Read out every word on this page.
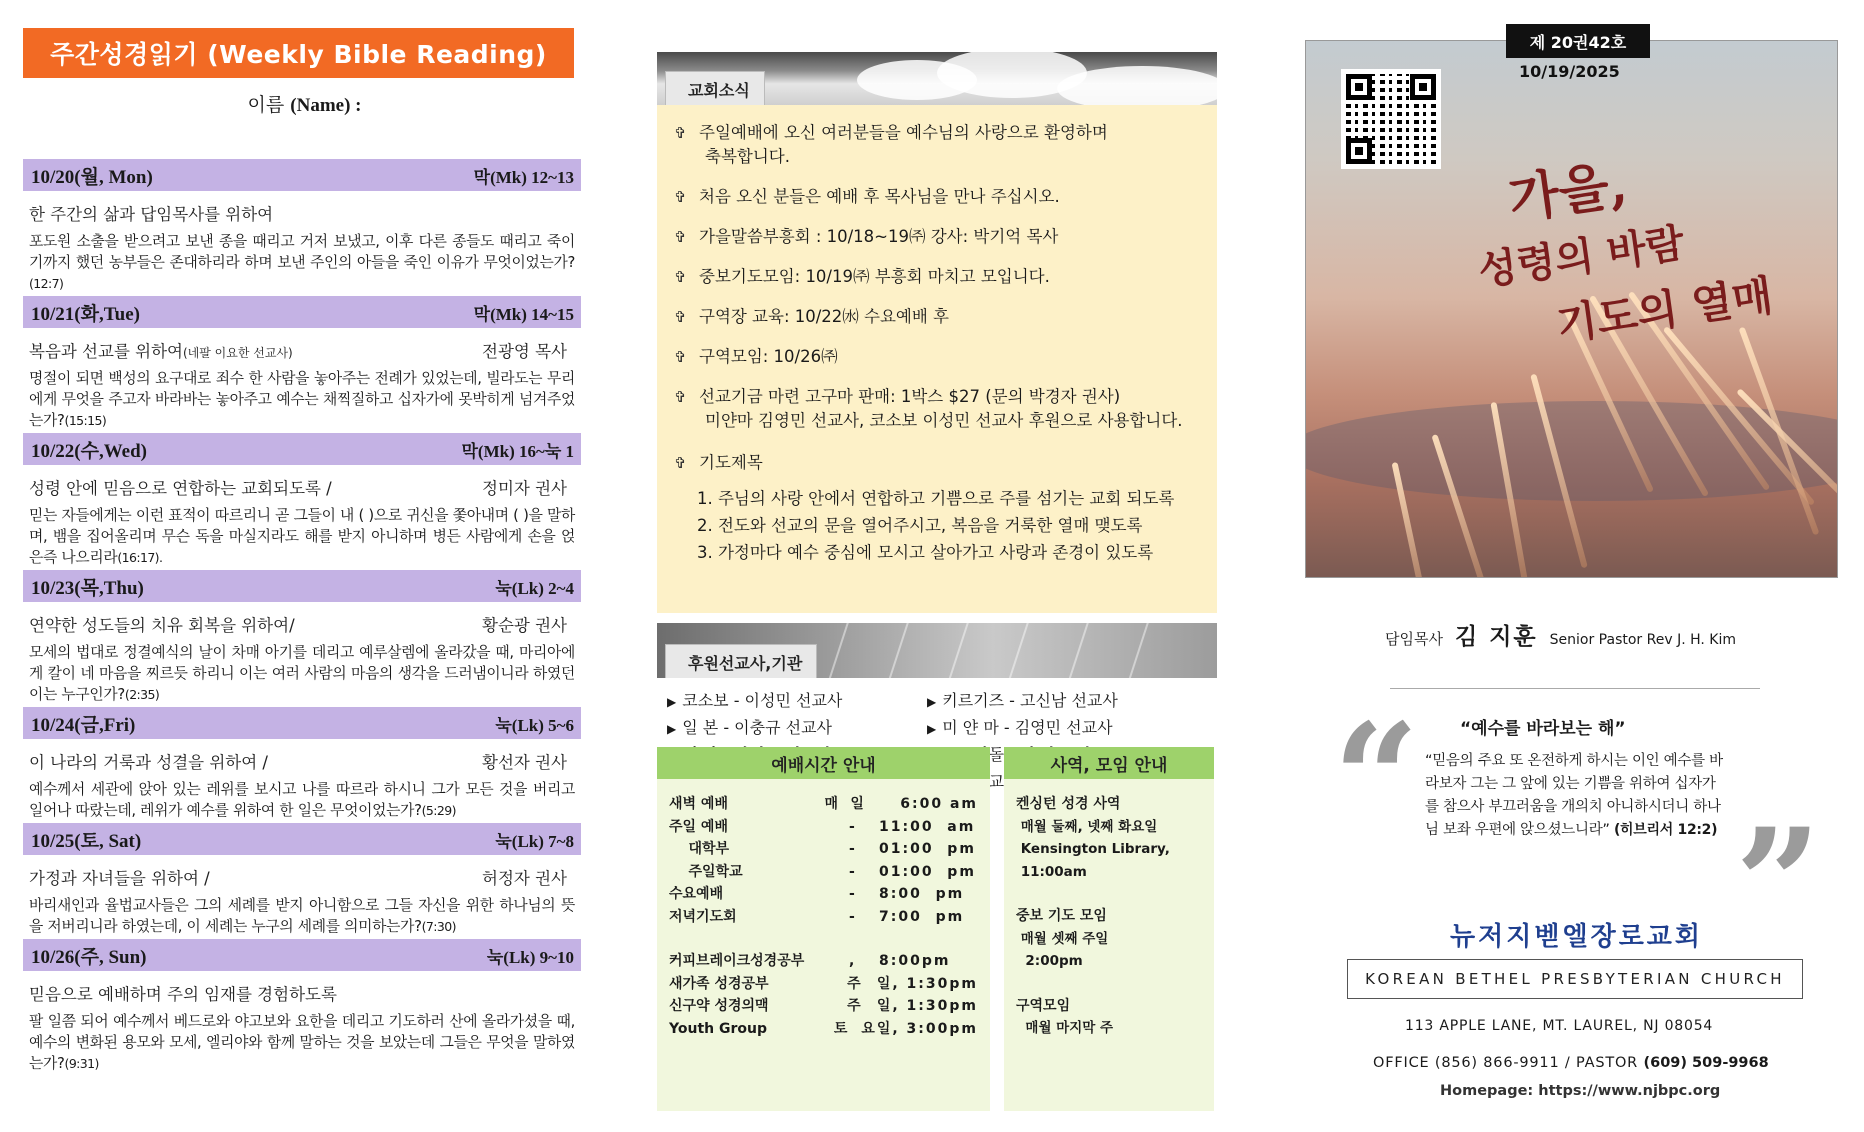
주간성경읽기 (Weekly Bible Reading)
이름 (Name) :
10/20(월, Mon)	막(Mk) 12~13
한 주간의 삶과 답임목사를 위하여
포도원 소출을 받으려고 보낸 종을 때리고 거저 보냈고, 이후 다른 종들도 때리고 죽이기까지 했던 농부들은 존대하리라 하며 보낸 주인의 아들을 죽인 이유가 무엇이었는가?(12:7)
10/21(화,Tue)	막(Mk) 14~15
복음과 선교를 위하여(네팔 이요한 선교사)	전광영 목사
명절이 되면 백성의 요구대로 죄수 한 사람을 놓아주는 전례가 있었는데, 빌라도는 무리에게 무엇을 주고자 바라바는 놓아주고 예수는 채찍질하고 십자가에 못박히게 넘겨주었는가?(15:15)
10/22(수,Wed)	막(Mk) 16~눅 1
성령 안에 믿음으로 연합하는 교회되도록 /	정미자 권사
믿는 자들에게는 이런 표적이 따르리니 곧 그들이 내 ( )으로 귀신을 쫓아내며 ( )을 말하며, 뱀을 집어올리며 무슨 독을 마실지라도 해를 받지 아니하며 병든 사람에게 손을 얹은즉 나으리라(16:17).
10/23(목,Thu)	눅(Lk) 2~4
연약한 성도들의 치유 회복을 위하여/	황순광 권사
모세의 법대로 정결예식의 날이 차매 아기를 데리고 예루살렘에 올라갔을 때, 마리아에게 칼이 네 마음을 찌르듯 하리니 이는 여러 사람의 마음의 생각을 드러냄이니라 하였던 이는 누구인가?(2:35)
10/24(금,Fri)	눅(Lk) 5~6
이 나라의 거룩과 성결을 위하여 /	황선자 권사
예수께서 세관에 앉아 있는 레위를 보시고 나를 따르라 하시니 그가 모든 것을 버리고 일어나 따랐는데, 레위가 예수를 위하여 한 일은 무엇이었는가?(5:29)
10/25(토, Sat)	눅(Lk) 7~8
가정과 자녀들을 위하여 /	허정자 권사
바리새인과 율법교사들은 그의 세례를 받지 아니함으로 그들 자신을 위한 하나님의 뜻을 저버리니라 하였는데, 이 세례는 누구의 세례를 의미하는가?(7:30)
10/26(주, Sun)	눅(Lk) 9~10
믿음으로 예배하며 주의 임재를 경험하도록
팔 일쯤 되어 예수께서 베드로와 야고보와 요한을 데리고 기도하러 산에 올라가셨을 때, 예수의 변화된 용모와 모세, 엘리야와 함께 말하는 것을 보았는데 그들은 무엇을 말하였는가?(9:31)
교회소식
✞ 주일예배에 오신 여러분들을 예수님의 사랑으로 환영하며
축복합니다.
✞ 처음 오신 분들은 예배 후 목사님을 만나 주십시오.
✞ 가을말씀부흥회 : 10/18~19㈜ 강사: 박기억 목사
✞ 중보기도모임: 10/19㈜ 부흥회 마치고 모입니다.
✞ 구역장 교육: 10/22㈬ 수요예배 후
✞ 구역모임: 10/26㈜
✞ 선교기금 마련 고구마 판매: 1박스 $27 (문의 박경자 권사)
미얀마 김영민 선교사, 코소보 이성민 선교사 후원으로 사용합니다.
✞ 기도제목
1. 주님의 사랑 안에서 연합하고 기쁨으로 주를 섬기는 교회 되도록
2. 전도와 선교의 문을 열어주시고, 복음을 거룩한 열매 맺도록
3. 가정마다 예수 중심에 모시고 살아가고 사랑과 존경이 있도록
후원선교사,기관
▶ 코소보 - 이성민 선교사	▶ 키르기즈 - 고신남 선교사
▶ 일 본 - 이충규 선교사	▶ 미 얀 마 - 김영민 선교사
예배시간 안내
새벽 예배	매 일     6:00 am
주일 예배	-	11:00  am
대학부	-	01:00  pm
주일학교	-	01:00  pm
수요예배	-	8:00  pm
저녁기도회	-	7:00  pm
커피브레이크성경공부	,	8:00pm
새가족 성경공부	주	일, 1:30pm
신구약 성경의맥	주	일, 1:30pm
Youth Group	토 요일, 3:00pm
사역, 모임 안내
켄싱턴 성경 사역
매월 둘째, 넷째 화요일
Kensington Library,
11:00am
중보 기도 모임
매월 셋째 주일
2:00pm
구역모임
매월 마지막 주
가을,
성령의 바람
기도의 열매
제 20권42호
10/19/2025
담임목사 김 지훈 Senior Pastor Rev J. H. Kim
“
”
“예수를 바라보는 해”
“믿음의 주요 또 온전하게 하시는 이인 예수를 바라보자 그는 그 앞에 있는 기쁨을 위하여 십자가를 참으사 부끄러움을 개의치 아니하시더니 하나님 보좌 우편에 앉으셨느니라” (히브리서 12:2)
뉴저지벧엘장로교회
KOREAN BETHEL PRESBYTERIAN CHURCH
113 APPLE LANE, MT. LAUREL, NJ 08054
OFFICE (856) 866-9911 / PASTOR (609) 509-9968
Homepage: https://www.njbpc.org
